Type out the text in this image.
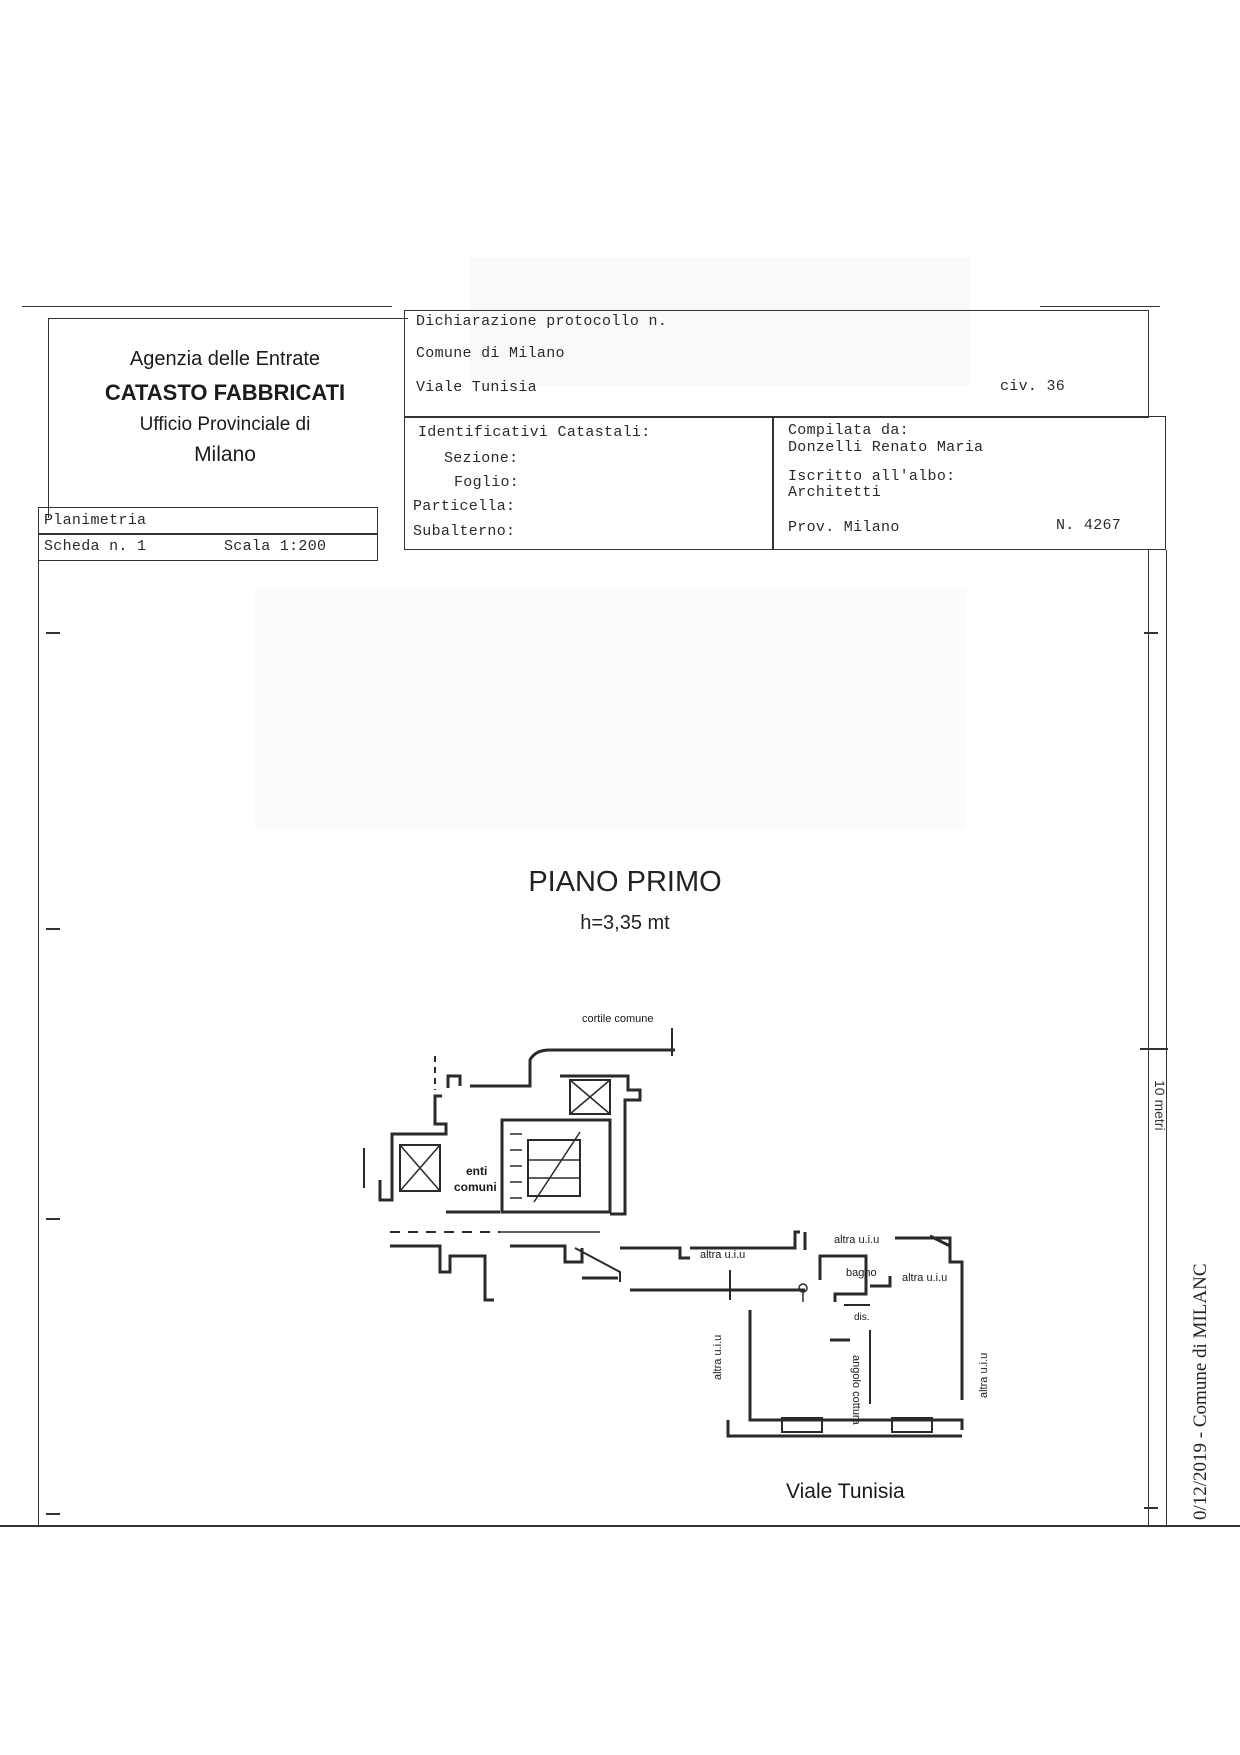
Agenzia delle Entrate
CATASTO FABBRICATI
Ufficio Provinciale di
Milano
Dichiarazione protocollo n.
Comune di Milano
Viale Tunisia	civ. 36
Identificativi Catastali:
Sezione:
Foglio:
Particella:
Subalterno:
Compilata da:
Donzelli Renato Maria
Iscritto all'albo:
Architetti
Prov. Milano	N. 4267
Planimetria
Scheda n. 1	Scala 1:200
0/12/2019 - Comune di MILANC
10 metri
PIANO PRIMO
h=3,35 mt
cortile comune
enti
comuni
altra u.i.u
altra u.i.u
altra u.i.u
bagno
dis.
altra u.i.u	altra u.i.u
angolo cottura
Viale Tunisia
